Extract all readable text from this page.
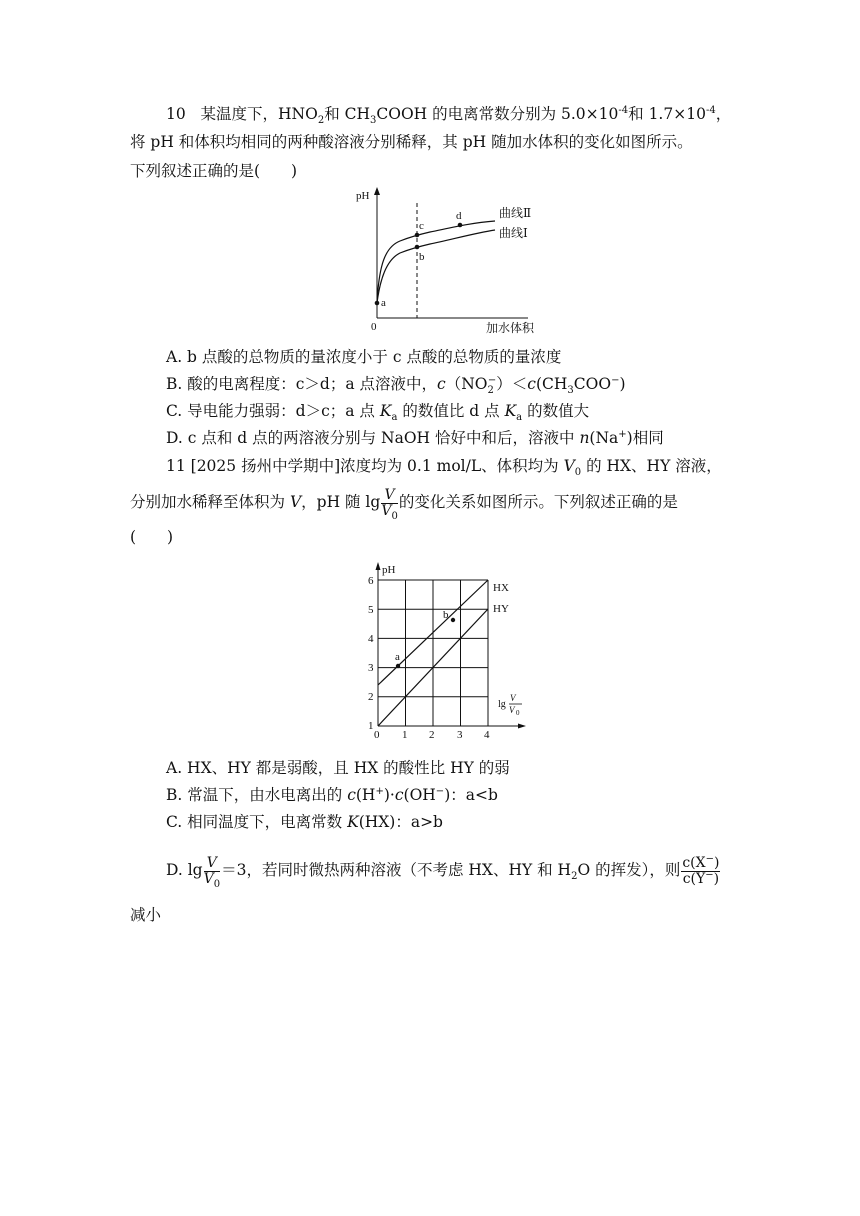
10 某温度下，$HNO_2$和 $CH_3COOH$ 的电离常数分别为 $5.0\times 10^{-4}$和 $1.7\times 10^{-4}$，
将 pH 和体积均相同的两种酸溶液分别稀释，其 pH 随加水体积的变化如图所示。
下列叙述正确的是(　　)
pH
0	加水体积
a
c
b
d	曲线Ⅱ
曲线Ⅰ
A. b 点酸的总物质的量浓度小于 c 点酸的总物质的量浓度
B. 酸的电离程度：c＞d；a 点溶液中，$c(NO_2^-)<c(CH_3COO^-)$
C. 导电能力强弱：d＞c；a 点 $K_a$ 的数值比 d 点 $K_a$ 的数值大
D. c 点和 d 点的两溶液分别与 NaOH 恰好中和后，溶液中 n(Na+)相同
11 [2025 扬州中学期中]浓度均为 0.1 mol/L、体积均为 $V_0$ 的 HX、HY 溶液，
分别加水稀释至体积为 V，pH 随 $\lg \frac{V}{V_0}$ 的变化关系如图所示。下列叙述正确的是
(　　)
pH
1
2
3
4
5
6
0 1 2 3 4
a
b
HX
HY
lg
V
V 0
A. HX、HY 都是弱酸，且 HX 的酸性比 HY 的弱
B. 常温下，由水电离出的 c(H+)·c(OH−)：a<b
C. 相同温度下，电离常数 K(HX)：a>b
D. $\lg \frac{V}{V_0} =3$，若同时微热两种溶液（不考虑 HX、HY 和 $H_2O$ 的挥发），则 $\frac{c(X^-)}{c(Y^-)}$
减小
